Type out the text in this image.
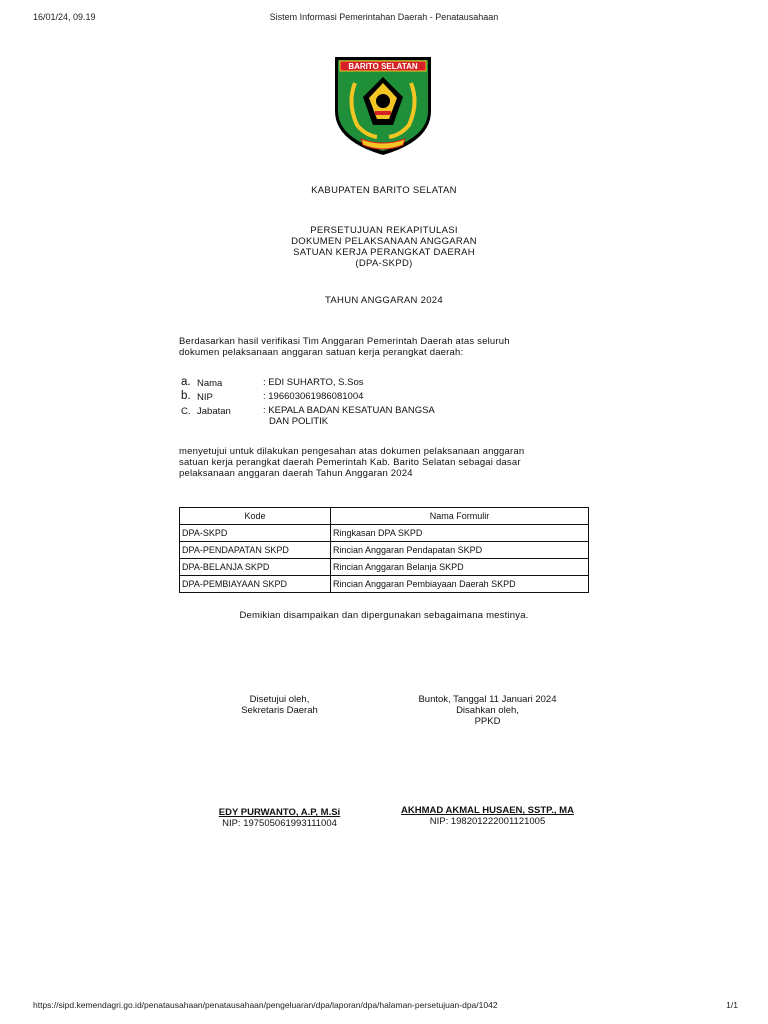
16/01/24, 09.19	Sistem Informasi Pemerintahan Daerah - Penatausahaan
BARITO SELATAN
KABUPATEN BARITO SELATAN
PERSETUJUAN REKAPITULASI
DOKUMEN PELAKSANAAN ANGGARAN
SATUAN KERJA PERANGKAT DAERAH
(DPA-SKPD)
TAHUN ANGGARAN 2024
Berdasarkan hasil verifikasi Tim Anggaran Pemerintah Daerah atas seluruh
dokumen pelaksanaan anggaran satuan kerja perangkat daerah:
a. Nama	: EDI SUHARTO, S.Sos
b. NIP	: 196603061986081004
C. Jabatan	: KEPALA BADAN KESATUAN BANGSA
DAN POLITIK
menyetujui untuk dilakukan pengesahan atas dokumen pelaksanaan anggaran
satuan kerja perangkat daerah Pemerintah Kab. Barito Selatan sebagai dasar
pelaksanaan anggaran daerah Tahun Anggaran 2024
Kode	Nama Formulir
DPA-SKPD	Ringkasan DPA SKPD
DPA-PENDAPATAN SKPD	Rincian Anggaran Pendapatan SKPD
DPA-BELANJA SKPD	Rincian Anggaran Belanja SKPD
DPA-PEMBIAYAAN SKPD	Rincian Anggaran Pembiayaan Daerah SKPD
Demikian disampaikan dan dipergunakan sebagaimana mestinya.
Disetujui oleh,
Sekretaris Daerah
EDY PURWANTO, A.P, M.Si
NIP: 197505061993111004
Buntok, Tanggal 11 Januari 2024
Disahkan oleh,
PPKD
AKHMAD AKMAL HUSAEN, SSTP., MA
NIP: 198201222001121005
https://sipd.kemendagri.go.id/penatausahaan/penatausahaan/pengeluaran/dpa/laporan/dpa/halaman-persetujuan-dpa/1042	1/1
